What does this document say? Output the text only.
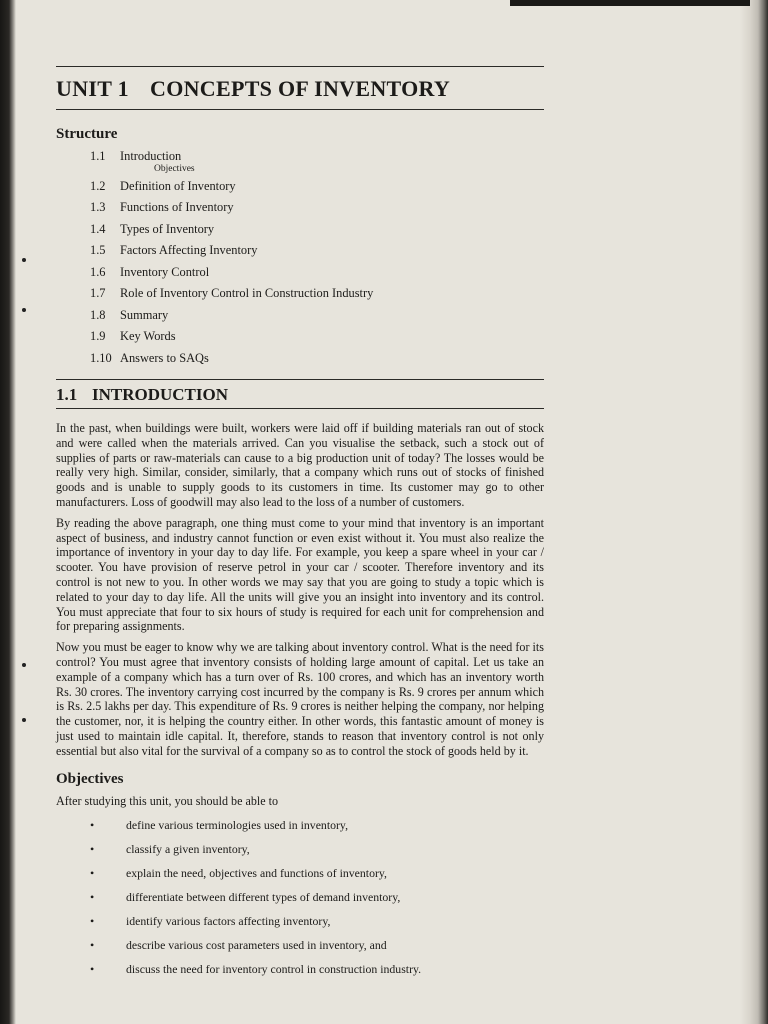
UNIT 1 CONCEPTS OF INVENTORY
Structure
1.1 Introduction
Objectives
1.2 Definition of Inventory
1.3 Functions of Inventory
1.4 Types of Inventory
1.5 Factors Affecting Inventory
1.6 Inventory Control
1.7 Role of Inventory Control in Construction Industry
1.8 Summary
1.9 Key Words
1.10 Answers to SAQs
1.1 INTRODUCTION

In the past, when buildings were built, workers were laid off if building materials ran out of stock and were called when the materials arrived. Can you visualise the setback, such a stock out of supplies of parts or raw-materials can cause to a big production unit of today? The losses would be really very high. Similar, consider, similarly, that a company which runs out of stocks of finished goods and is unable to supply goods to its customers in time. Its customer may go to other manufacturers. Loss of goodwill may also lead to the loss of a number of customers.

By reading the above paragraph, one thing must come to your mind that inventory is an important aspect of business, and industry cannot function or even exist without it. You must also realize the importance of inventory in your day to day life. For example, you keep a spare wheel in your car / scooter. You have provision of reserve petrol in your car / scooter. Therefore inventory and its control is not new to you. In other words we may say that you are going to study a topic which is related to your day to day life. All the units will give you an insight into inventory and its control. You must appreciate that four to six hours of study is required for each unit for comprehension and for preparing assignments.

Now you must be eager to know why we are talking about inventory control. What is the need for its control? You must agree that inventory consists of holding large amount of capital. Let us take an example of a company which has a turn over of Rs. 100 crores, and which has an inventory worth Rs. 30 crores. The inventory carrying cost incurred by the company is Rs. 9 crores per annum which is Rs. 2.5 lakhs per day. This expenditure of Rs. 9 crores is neither helping the company, nor helping the customer, nor, it is helping the country either. In other words, this fantastic amount of money is just used to maintain idle capital. It, therefore, stands to reason that inventory control is not only essential but also vital for the survival of a company so as to control the stock of goods held by it.

Objectives
After studying this unit, you should be able to
•	define various terminologies used in inventory,
•	classify a given inventory,
•	explain the need, objectives and functions of inventory,
•	differentiate between different types of demand inventory,
•	identify various factors affecting inventory,
•	describe various cost parameters used in inventory, and
•	discuss the need for inventory control in construction industry.
